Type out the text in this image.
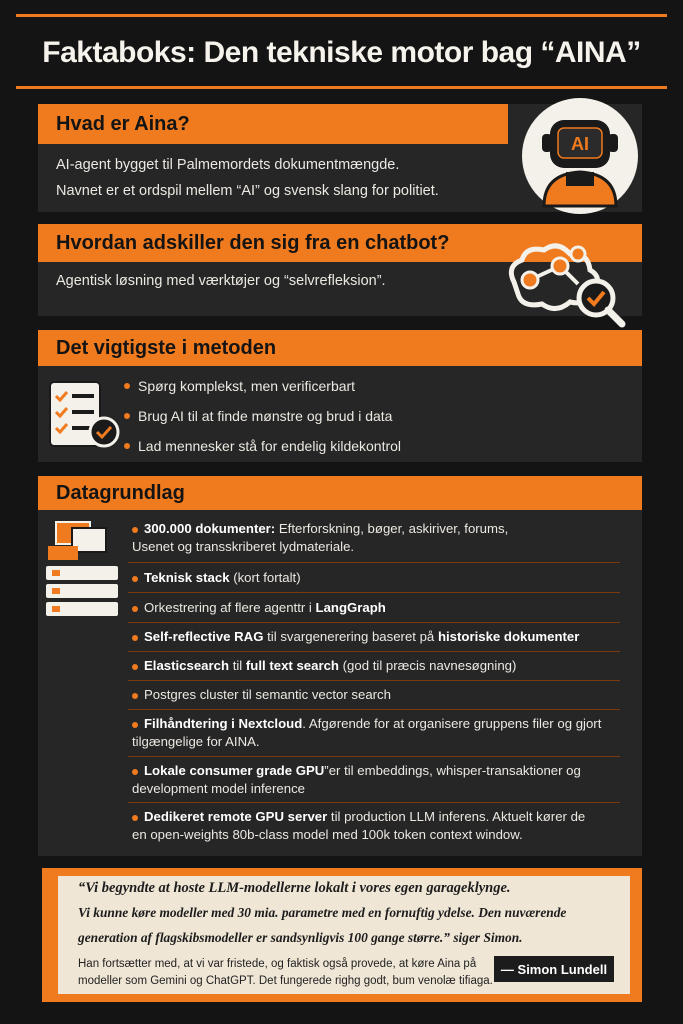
Faktaboks: Den tekniske motor bag “AINA”
Hvad er Aina?
AI-agent bygget til Palmemordets dokumentmængde.
Navnet er et ordspil mellem “AI” og svensk slang for politiet.
AI
Hvordan adskiller den sig fra en chatbot?
Agentisk løsning med værktøjer og “selvrefleksion”.
Det vigtigste i metoden
Spørg komplekst, men verificerbart
Brug AI til at finde mønstre og brud i data
Lad mennesker stå for endelig kildekontrol
Datagrundlag
300.000 dokumenter: Efterforskning, bøger, askiriver, forums,
Usenet og transskriberet lydmateriale.
Teknisk stack (kort fortalt)
Orkestrering af flere agenttr i LangGraph
Self-reflective RAG til svargenerering baseret på historiske dokumenter
Elasticsearch til full text search (god til præcis navnesøgning)
Postgres cluster til semantic vector search
Filhåndtering i Nextcloud. Afgørende for at organisere gruppens filer og gjort
tilgængelige for AINA.
Lokale consumer grade GPU”er til embeddings, whisper-transaktioner og
development model inference
Dedikeret remote GPU server til production LLM inferens. Aktuelt kører de
en open-weights 80b-class model med 100k token context window.
“Vi begyndte at hoste LLM-modellerne lokalt i vores egen garageklynge.
Vi kunne køre modeller med 30 mia. parametre med en fornuftig ydelse. Den nuværende
generation af flagskibsmodeller er sandsynligvis 100 gange større.” siger Simon.
Han fortsætter med, at vi var fristede, og faktisk også provede, at køre Aina på
modeller som Gemini og ChatGPT. Det fungerede righg godt, bum venolæ tifiaga.
— Simon Lundell
